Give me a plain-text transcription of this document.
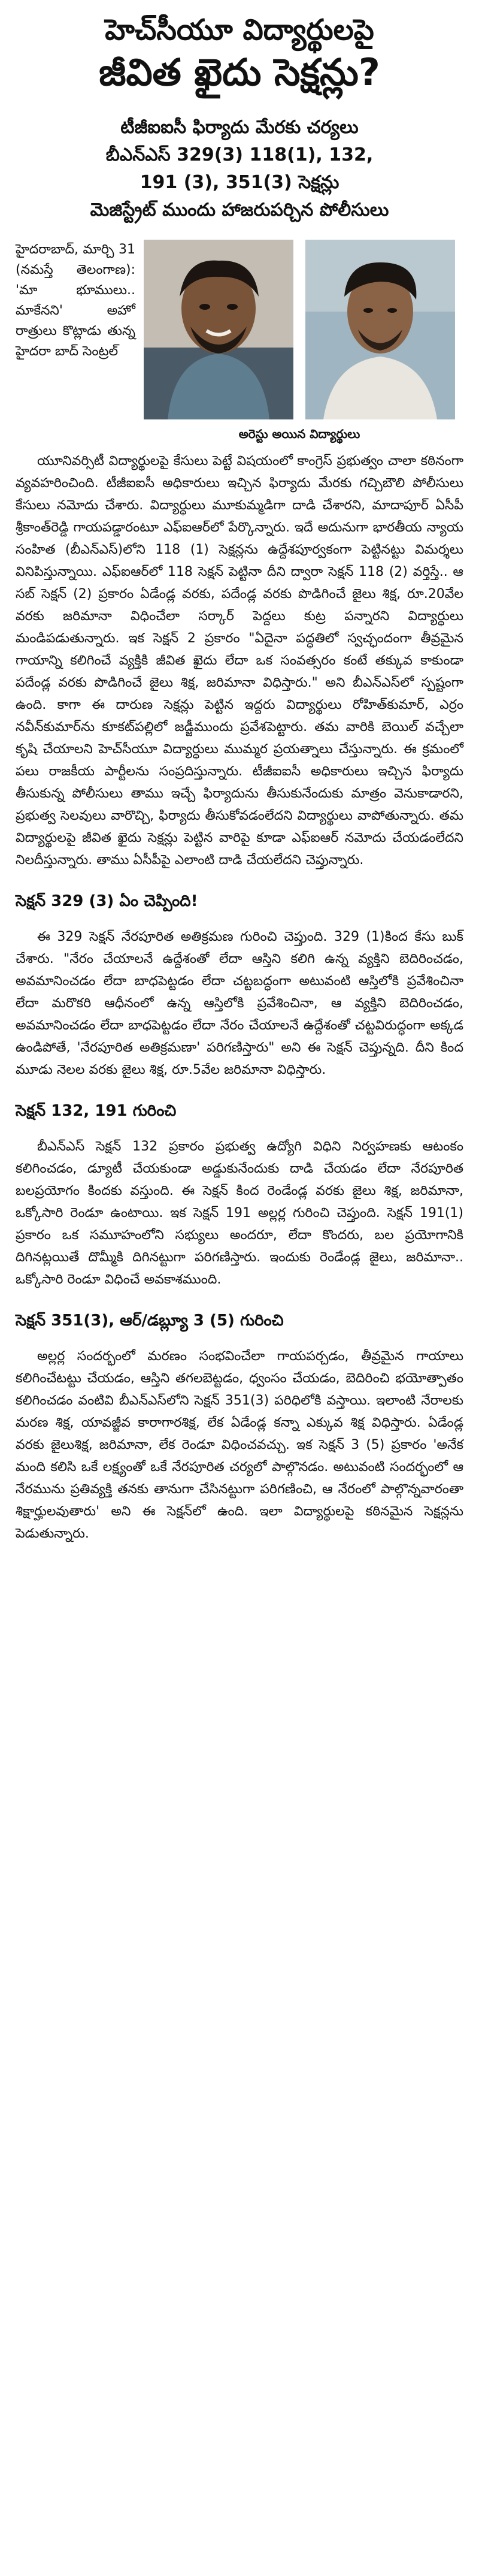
హెచ్‌సీయూ విద్యార్థులపై
జీవిత ఖైదు సెక్షన్లు?
టీజీఐఐసీ ఫిర్యాదు మేరకు చర్యలు
బీఎన్ఎస్ 329(3) 118(1), 132,
191 (3), 351(3) సెక్షన్లు
మెజిస్ట్రేట్ ముందు హాజరుపర్చిన పోలీసులు
హైదరాబాద్, మార్చి 31 (నమస్తే తెలంగాణ): 'మా భూములు.. మాకేనని' అహో రాత్రులు కొట్లాడు తున్న హైదరా బాద్ సెంట్రల్
అరెస్టు అయిన విద్యార్థులు

యూనివర్సిటీ విద్యార్థులపై కేసులు పెట్టే విషయంలో కాంగ్రెస్ ప్రభుత్వం చాలా కఠినంగా వ్యవహరించింది. టీజీఐఐసీ అధికారులు ఇచ్చిన ఫిర్యాదు మేరకు గచ్చిబౌలి పోలీసులు కేసులు నమోదు చేశారు. విద్యార్థులు మూకుమ్మడిగా దాడి చేశారని, మాదాపూర్ ఏసీపీ శ్రీకాంత్‌రెడ్డి గాయపడ్డారంటూ ఎఫ్ఐఆర్‌లో పేర్కొన్నారు. ఇదే అదునుగా భారతీయ న్యాయ సంహిత (బీఎన్ఎస్)లోని 118 (1) సెక్షన్లను ఉద్దేశపూర్వకంగా పెట్టినట్టు విమర్శలు వినిపిస్తున్నాయి. ఎఫ్ఐఆర్‌లో 118 సెక్షన్ పెట్టినా దీని ద్వారా సెక్షన్ 118 (2) వర్తిస్తే.. ఆ సబ్ సెక్షన్ (2) ప్రకారం ఏడేండ్ల వరకు, పదేండ్ల వరకు పొడిగించే జైలు శిక్ష, రూ.20వేల వరకు జరిమానా విధించేలా సర్కార్ పెద్దలు కుట్ర పన్నారని విద్యార్థులు మండిపడుతున్నారు. ఇక సెక్షన్ 2 ప్రకారం "ఏదైనా పద్ధతిలో స్వచ్ఛందంగా తీవ్రమైన గాయాన్ని కలిగించే వ్యక్తికి జీవిత ఖైదు లేదా ఒక సంవత్సరం కంటే తక్కువ కాకుండా పదేండ్ల వరకు పొడిగించే జైలు శిక్ష, జరిమానా విధిస్తారు." అని బీఎన్ఎస్‌లో స్పష్టంగా ఉంది. కాగా ఈ దారుణ సెక్షన్లు పెట్టిన ఇద్దరు విద్యార్థులు రోహిత్‌కుమార్, ఎర్రం నవీన్‌కుమార్‌ను కూకట్‌పల్లిలో జడ్జీముందు ప్రవేశపెట్టారు. తమ వారికి బెయిల్ వచ్చేలా కృషి చేయాలని హెచ్‌సీయూ విద్యార్థులు ముమ్మర ప్రయత్నాలు చేస్తున్నారు. ఈ క్రమంలో పలు రాజకీయ పార్టీలను సంప్రదిస్తున్నారు. టీజీఐఐసీ అధికారులు ఇచ్చిన ఫిర్యాదు తీసుకున్న పోలీసులు తాము ఇచ్చే ఫిర్యాదును తీసుకునేందుకు మాత్రం వెనుకాడారని, ప్రభుత్వ సెలవులు వారొచ్చి, ఫిర్యాదు తీసుకోవడంలేదని విద్యార్థులు వాపోతున్నారు. తమ విద్యార్థులపై జీవిత ఖైదు సెక్షన్లు పెట్టిన వారిపై కూడా ఎఫ్ఐఆర్ నమోదు చేయడంలేదని నిలదీస్తున్నారు. తాము ఏసీపీపై ఎలాంటి దాడి చేయలేదని చెప్తున్నారు.

సెక్షన్ 329 (3) ఏం చెప్పింది!

ఈ 329 సెక్షన్ నేరపూరిత అతిక్రమణ గురించి చెప్తుంది. 329 (1)కింద కేసు బుక్ చేశారు. "నేరం చేయాలనే ఉద్దేశంతో లేదా ఆస్తిని కలిగి ఉన్న వ్యక్తిని బెదిరించడం, అవమానించడం లేదా బాధపెట్టడం లేదా చట్టబద్ధంగా అటువంటి ఆస్తిలోకి ప్రవేశించినా లేదా మరొకరి ఆధీనంలో ఉన్న ఆస్తిలోకి ప్రవేశించినా, ఆ వ్యక్తిని బెదిరించడం, అవమానించడం లేదా బాధపెట్టడం లేదా నేరం చేయాలనే ఉద్దేశంతో చట్టవిరుద్ధంగా అక్కడ ఉండిపోతే, 'నేరపూరిత అతిక్రమణా' పరిగణిస్తారు" అని ఈ సెక్షన్ చెప్తున్నది. దీని కింద మూడు నెలల వరకు జైలు శిక్ష, రూ.5వేల జరిమానా విధిస్తారు.

సెక్షన్ 132, 191 గురించి

బీఎన్ఎస్ సెక్షన్ 132 ప్రకారం ప్రభుత్వ ఉద్యోగి విధిని నిర్వహణకు ఆటంకం కలిగించడం, డ్యూటీ చేయకుండా అడ్డుకునేందుకు దాడి చేయడం లేదా నేరపూరిత బలప్రయోగం కిందకు వస్తుంది. ఈ సెక్షన్ కింద రెండేండ్ల వరకు జైలు శిక్ష, జరిమానా, ఒక్కోసారి రెండూ ఉంటాయి. ఇక సెక్షన్ 191 అల్లర్ల గురించి చెప్తుంది. సెక్షన్ 191(1) ప్రకారం ఒక సమూహంలోని సభ్యులు అందరూ, లేదా కొందరు, బల ప్రయోగానికి దిగినట్లయితే దొమ్మీకి దిగినట్టుగా పరిగణిస్తారు. ఇందుకు రెండేండ్ల జైలు, జరిమానా.. ఒక్కోసారి రెండూ విధించే అవకాశముంది.

సెక్షన్ 351(3), ఆర్/డబ్ల్యూ 3 (5) గురించి

అల్లర్ల సందర్భంలో మరణం సంభవించేలా గాయపర్చడం, తీవ్రమైన గాయాలు కలిగించేటట్టు చేయడం, ఆస్తిని తగలబెట్టడం, ధ్వంసం చేయడం, బెదిరించి భయోత్పాతం కలిగించడం వంటివి బీఎన్ఎస్‌లోని సెక్షన్ 351(3) పరిధిలోకి వస్తాయి. ఇలాంటి నేరాలకు మరణ శిక్ష, యావజ్జీవ కారాగారశిక్ష, లేక ఏడేండ్ల కన్నా ఎక్కువ శిక్ష విధిస్తారు. ఏడేండ్ల వరకు జైలుశిక్ష, జరిమానా, లేక రెండూ విధించవచ్చు. ఇక సెక్షన్ 3 (5) ప్రకారం 'అనేక మంది కలిసి ఒకే లక్ష్యంతో ఒకే నేరపూరిత చర్యలో పాల్గొనడం. అటువంటి సందర్భంలో ఆ నేరమును ప్రతివ్యక్తి తనకు తానుగా చేసినట్టుగా పరిగణించి, ఆ నేరంలో పాల్గొన్నవారంతా శిక్షార్హులవుతారు' అని ఈ సెక్షన్‌లో ఉంది. ఇలా విద్యార్థులపై కఠినమైన సెక్షన్లను పెడుతున్నారు.
